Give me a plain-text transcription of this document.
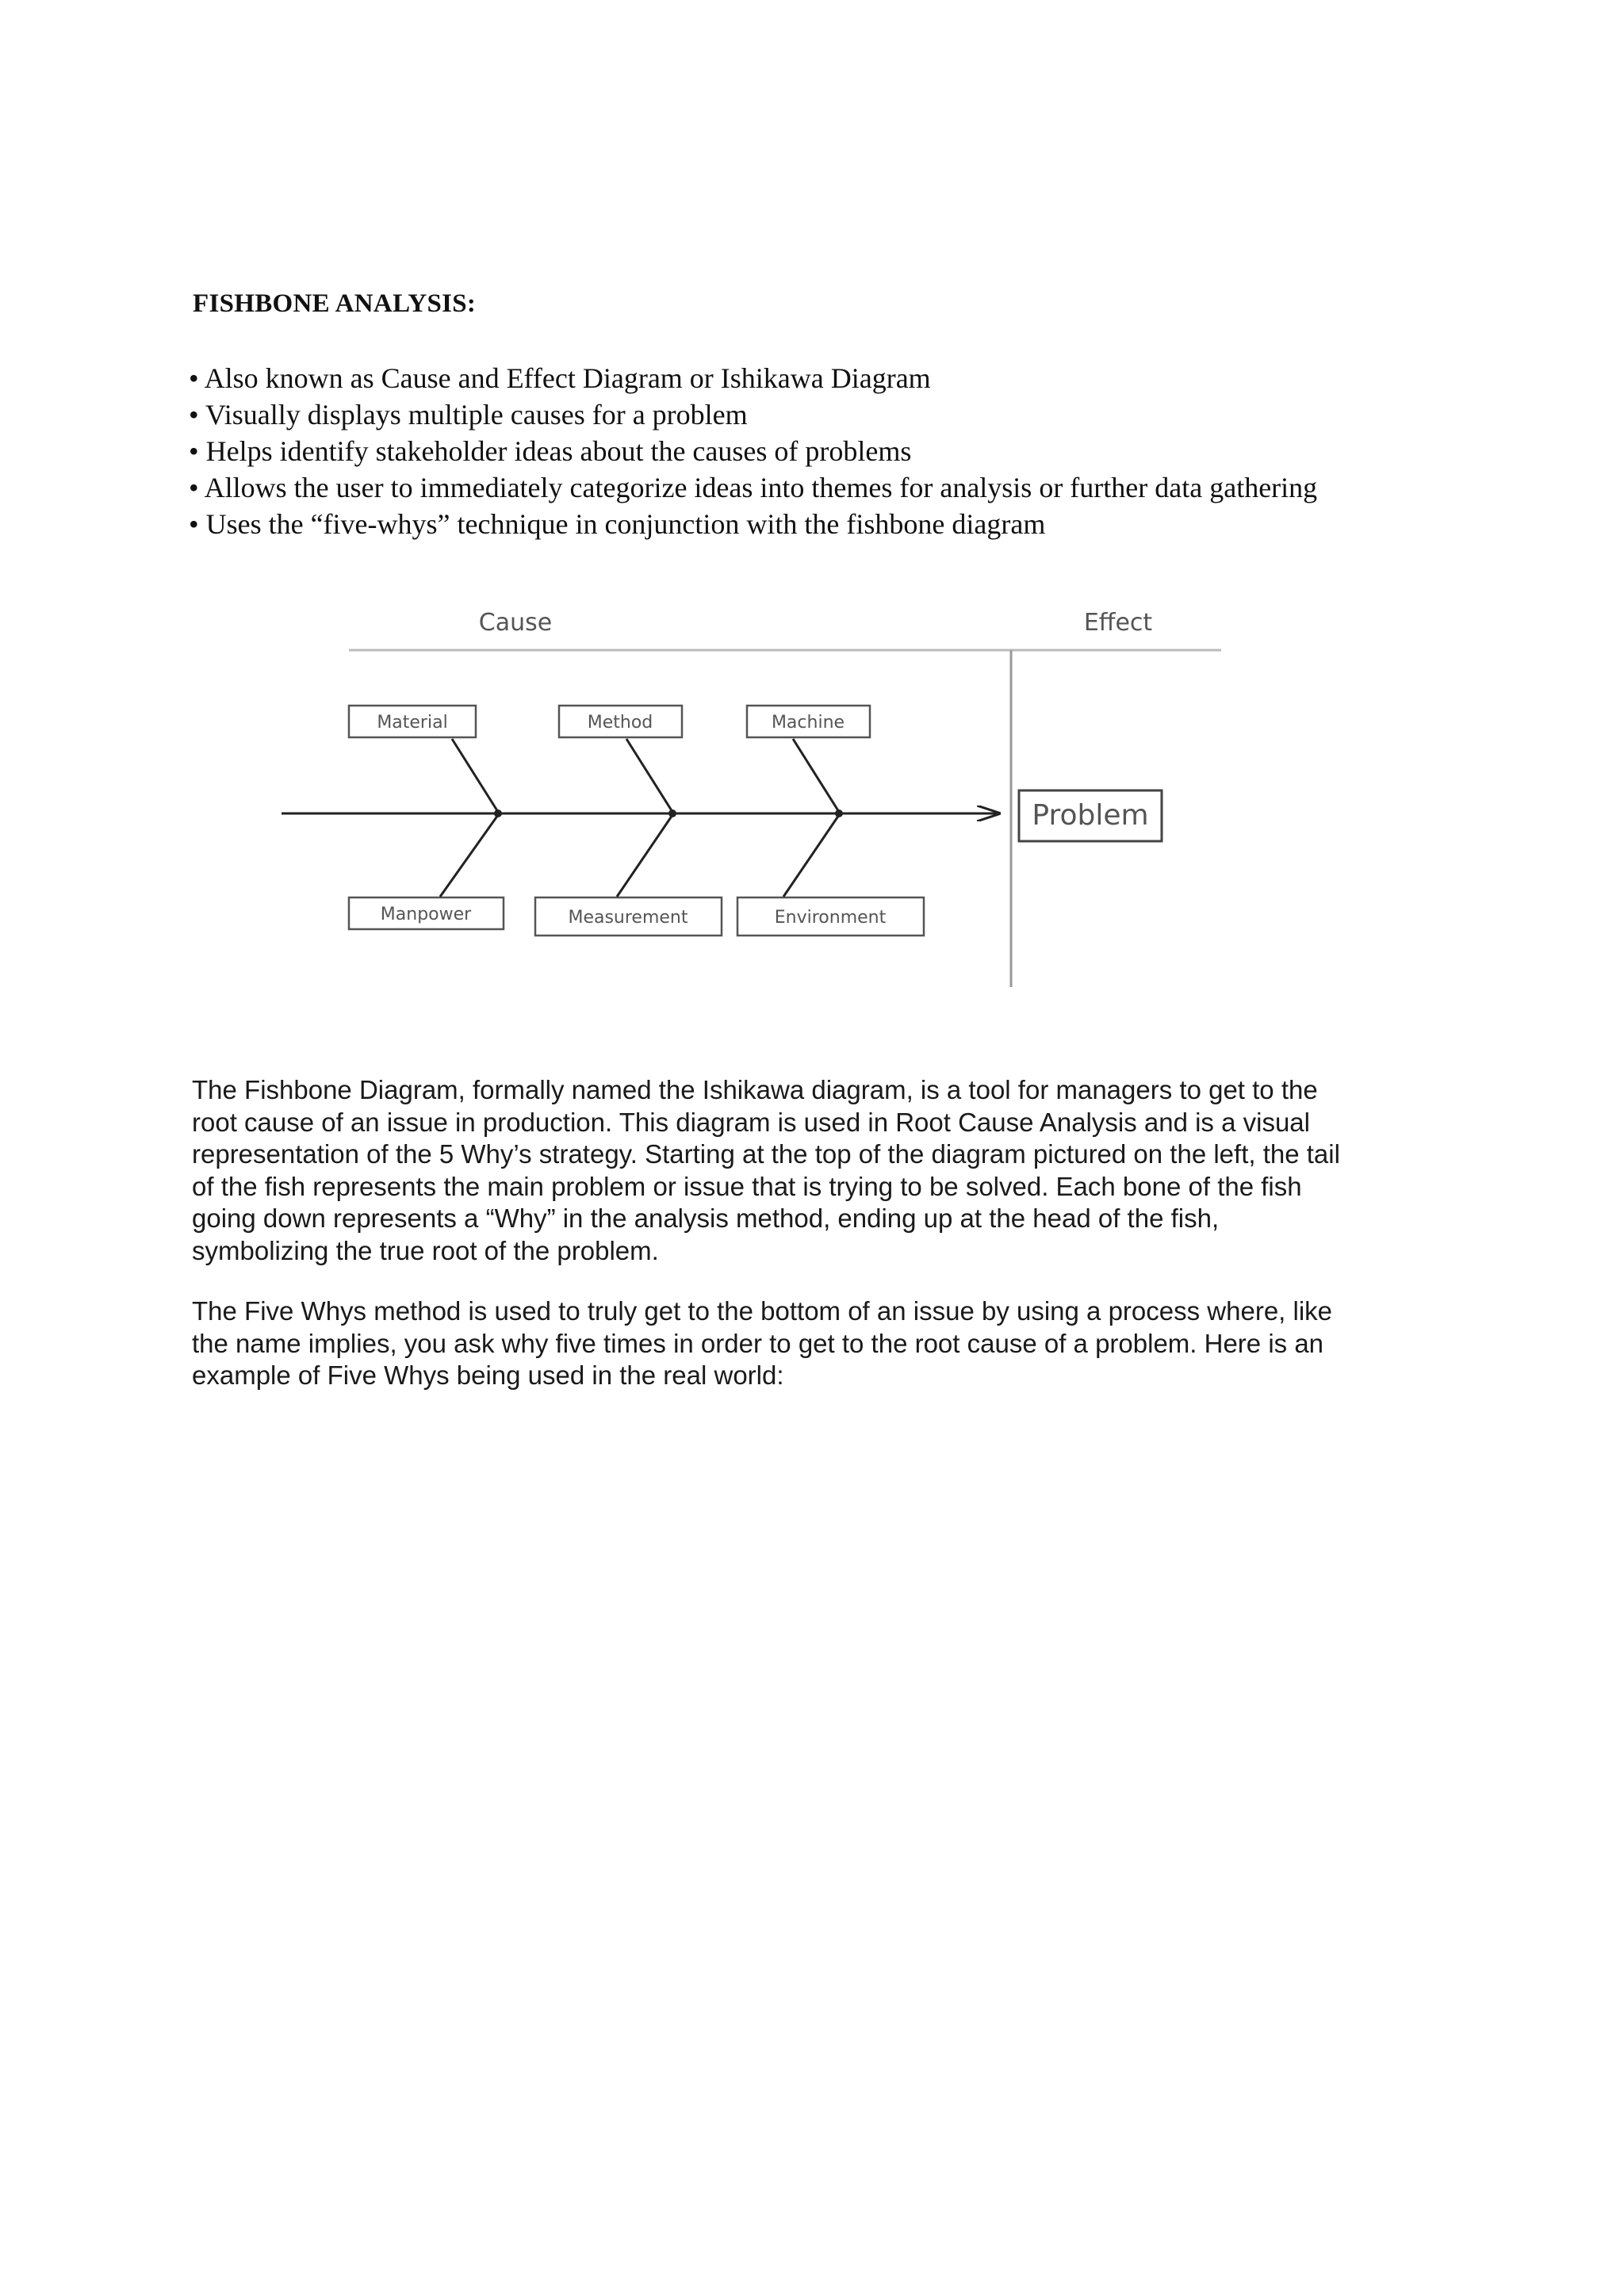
FISHBONE ANALYSIS:
• Also known as Cause and Effect Diagram or Ishikawa Diagram
• Visually displays multiple causes for a problem
• Helps identify stakeholder ideas about the causes of problems
• Allows the user to immediately categorize ideas into themes for analysis or further data gathering
• Uses the “five-whys” technique in conjunction with the fishbone diagram
Cause	Effect
Problem
Material	Method	Machine
Manpower	Measurement	Environment

The Fishbone Diagram, formally named the Ishikawa diagram, is a tool for managers to get to the
root cause of an issue in production. This diagram is used in Root Cause Analysis and is a visual
representation of the 5 Why’s strategy. Starting at the top of the diagram pictured on the left, the tail
of the fish represents the main problem or issue that is trying to be solved. Each bone of the fish
going down represents a “Why” in the analysis method, ending up at the head of the fish,
symbolizing the true root of the problem.

The Five Whys method is used to truly get to the bottom of an issue by using a process where, like
the name implies, you ask why five times in order to get to the root cause of a problem. Here is an
example of Five Whys being used in the real world:
